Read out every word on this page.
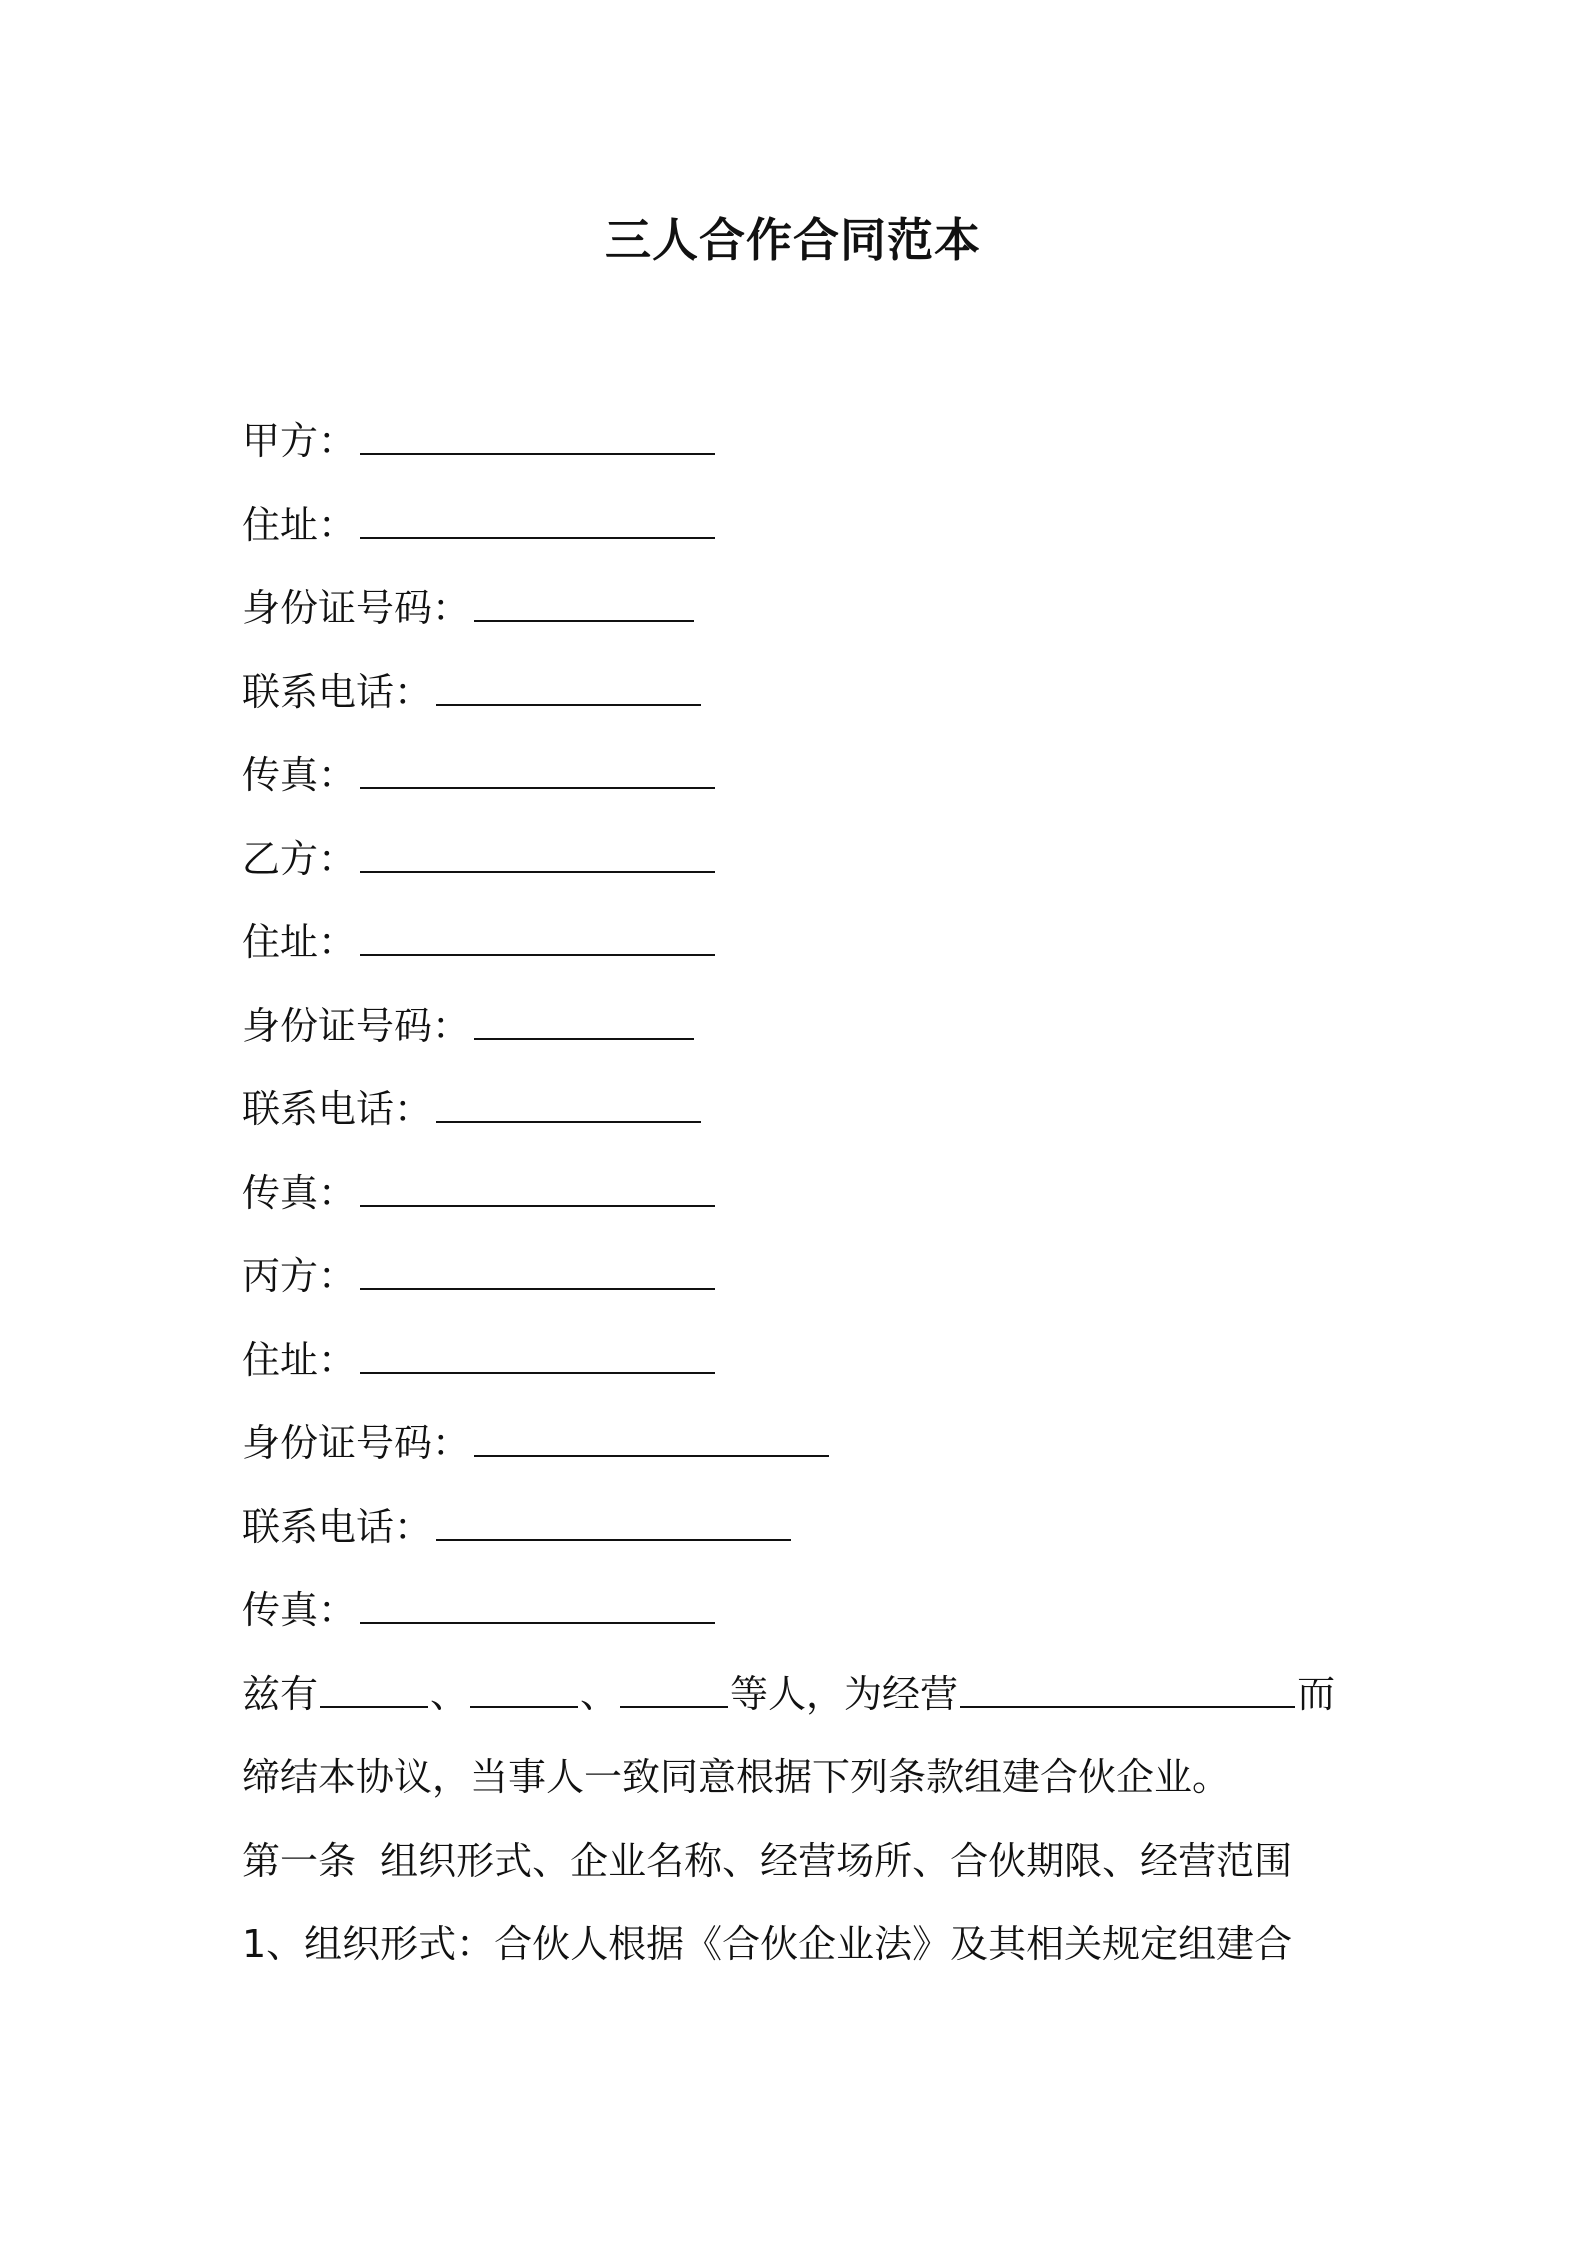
三人合作合同范本
甲方：
住址：
身份证号码：
联系电话：
传真：
乙方：
住址：
身份证号码：
联系电话：
传真：
丙方：
住址：
身份证号码：
联系电话：
传真：
兹有	、	、	等人，为经营	而
缔结本协议，当事人一致同意根据下列条款组建合伙企业。
第一条  组织形式、企业名称、经营场所、合伙期限、经营范围
1、组织形式：合伙人根据《合伙企业法》及其相关规定组建合
